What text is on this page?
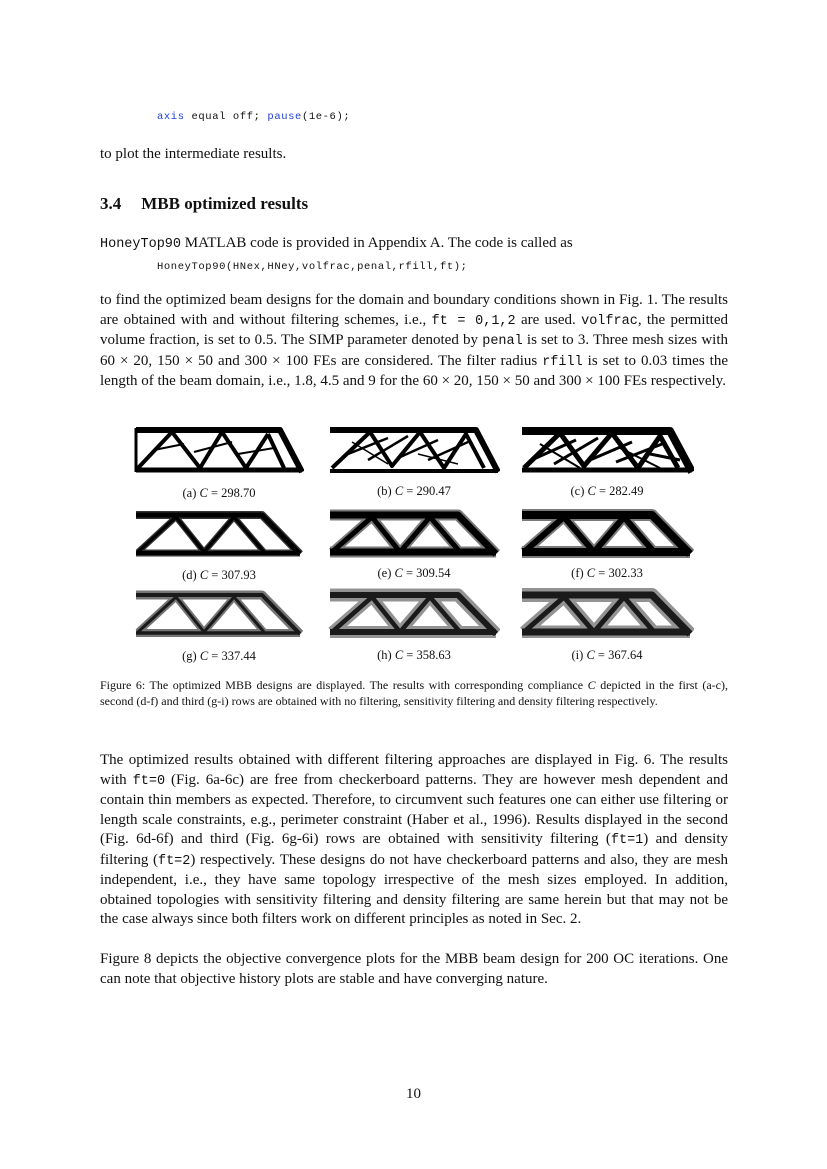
axis equal off; pause(1e-6);
to plot the intermediate results.
3.4 MBB optimized results
HoneyTop90 MATLAB code is provided in Appendix A. The code is called as
HoneyTop90(HNex,HNey,volfrac,penal,rfill,ft);
to find the optimized beam designs for the domain and boundary conditions shown in Fig. 1. The results are obtained with and without filtering schemes, i.e., ft = 0,1,2 are used. volfrac, the permitted volume fraction, is set to 0.5. The SIMP parameter denoted by penal is set to 3. Three mesh sizes with 60 × 20, 150 × 50 and 300 × 100 FEs are considered. The filter radius rfill is set to 0.03 times the length of the beam domain, i.e., 1.8, 4.5 and 9 for the 60 × 20, 150 × 50 and 300 × 100 FEs respectively.
(a) C = 298.70	(b) C = 290.47	(c) C = 282.49
(d) C = 307.93	(e) C = 309.54	(f) C = 302.33
(g) C = 337.44	(h) C = 358.63	(i) C = 367.64
Figure 6: The optimized MBB designs are displayed. The results with corresponding compliance C depicted in the first (a-c), second (d-f) and third (g-i) rows are obtained with no filtering, sensitivity filtering and density filtering respectively.
The optimized results obtained with different filtering approaches are displayed in Fig. 6. The results with ft=0 (Fig. 6a-6c) are free from checkerboard patterns. They are however mesh dependent and contain thin members as expected. Therefore, to circumvent such features one can either use filtering or length scale constraints, e.g., perimeter constraint (Haber et al., 1996). Results displayed in the second (Fig. 6d-6f) and third (Fig. 6g-6i) rows are obtained with sensitivity filtering (ft=1) and density filtering (ft=2) respectively. These designs do not have checkerboard patterns and also, they are mesh independent, i.e., they have same topology irrespective of the mesh sizes employed. In addition, obtained topologies with sensitivity filtering and density filtering are same herein but that may not be the case always since both filters work on different principles as noted in Sec. 2.
Figure 8 depicts the objective convergence plots for the MBB beam design for 200 OC iterations. One can note that objective history plots are stable and have converging nature.
10
